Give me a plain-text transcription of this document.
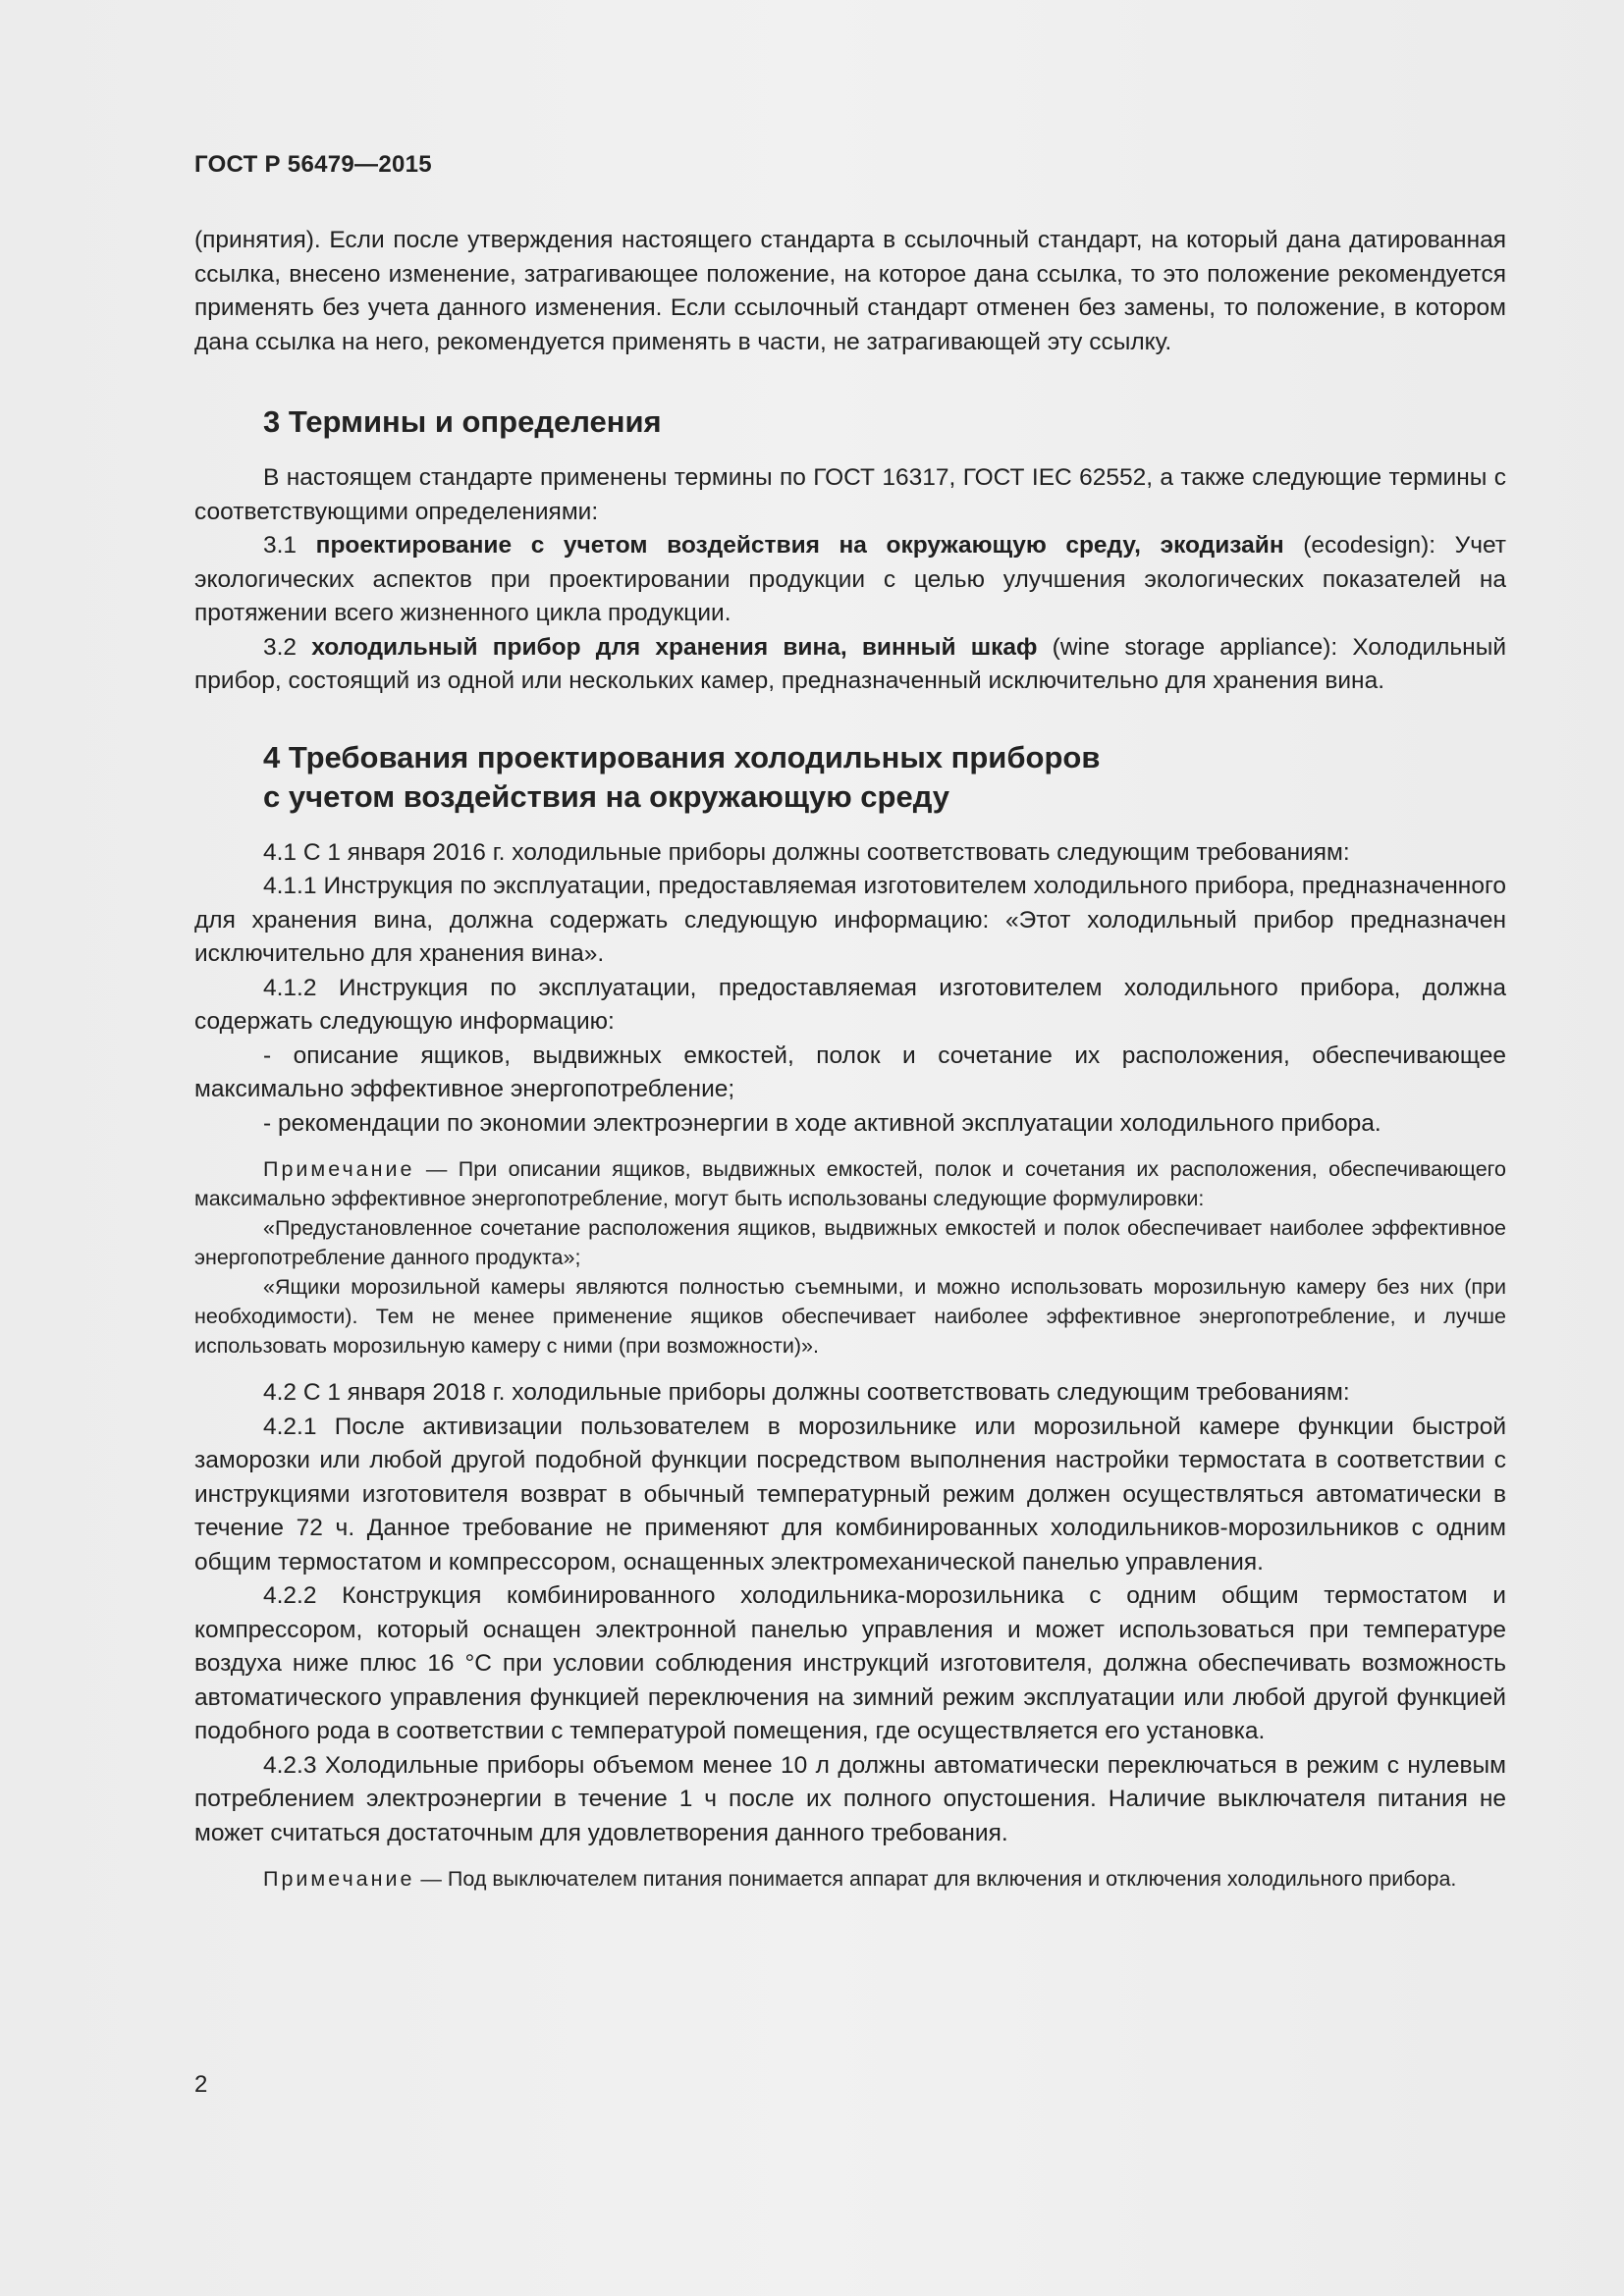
ГОСТ Р 56479—2015

(принятия). Если после утверждения настоящего стандарта в ссылочный стандарт, на который дана датированная ссылка, внесено изменение, затрагивающее положение, на которое дана ссылка, то это положение рекомендуется применять без учета данного изменения. Если ссылочный стандарт отменен без замены, то положение, в котором дана ссылка на него, рекомендуется применять в части, не затрагивающей эту ссылку.

3 Термины и определения

В настоящем стандарте применены термины по ГОСТ 16317, ГОСТ IEC 62552, а также следующие термины с соответствующими определениями:

3.1 проектирование с учетом воздействия на окружающую среду, экодизайн (ecodesign): Учет экологических аспектов при проектировании продукции с целью улучшения экологических показателей на протяжении всего жизненного цикла продукции.

3.2 холодильный прибор для хранения вина, винный шкаф (wine storage appliance): Холодильный прибор, состоящий из одной или нескольких камер, предназначенный исключительно для хранения вина.

4 Требования проектирования холодильных приборов
с учетом воздействия на окружающую среду

4.1 С 1 января 2016 г. холодильные приборы должны соответствовать следующим требованиям:

4.1.1 Инструкция по эксплуатации, предоставляемая изготовителем холодильного прибора, предназначенного для хранения вина, должна содержать следующую информацию: «Этот холодильный прибор предназначен исключительно для хранения вина».

4.1.2 Инструкция по эксплуатации, предоставляемая изготовителем холодильного прибора, должна содержать следующую информацию:

- описание ящиков, выдвижных емкостей, полок и сочетание их расположения, обеспечивающее максимально эффективное энергопотребление;

- рекомендации по экономии электроэнергии в ходе активной эксплуатации холодильного прибора.

Примечание — При описании ящиков, выдвижных емкостей, полок и сочетания их расположения, обеспечивающего максимально эффективное энергопотребление, могут быть использованы следующие формулировки:

«Предустановленное сочетание расположения ящиков, выдвижных емкостей и полок обеспечивает наиболее эффективное энергопотребление данного продукта»;

«Ящики морозильной камеры являются полностью съемными, и можно использовать морозильную камеру без них (при необходимости). Тем не менее применение ящиков обеспечивает наиболее эффективное энергопотребление, и лучше использовать морозильную камеру с ними (при возможности)».

4.2 С 1 января 2018 г. холодильные приборы должны соответствовать следующим требованиям:

4.2.1 После активизации пользователем в морозильнике или морозильной камере функции быстрой заморозки или любой другой подобной функции посредством выполнения настройки термостата в соответствии с инструкциями изготовителя возврат в обычный температурный режим должен осуществляться автоматически в течение 72 ч. Данное требование не применяют для комбинированных холодильников-морозильников с одним общим термостатом и компрессором, оснащенных электромеханической панелью управления.

4.2.2 Конструкция комбинированного холодильника-морозильника с одним общим термостатом и компрессором, который оснащен электронной панелью управления и может использоваться при температуре воздуха ниже плюс 16 °С при условии соблюдения инструкций изготовителя, должна обеспечивать возможность автоматического управления функцией переключения на зимний режим эксплуатации или любой другой функцией подобного рода в соответствии с температурой помещения, где осуществляется его установка.

4.2.3 Холодильные приборы объемом менее 10 л должны автоматически переключаться в режим с нулевым потреблением электроэнергии в течение 1 ч после их полного опустошения. Наличие выключателя питания не может считаться достаточным для удовлетворения данного требования.

Примечание — Под выключателем питания понимается аппарат для включения и отключения холодильного прибора.

2
